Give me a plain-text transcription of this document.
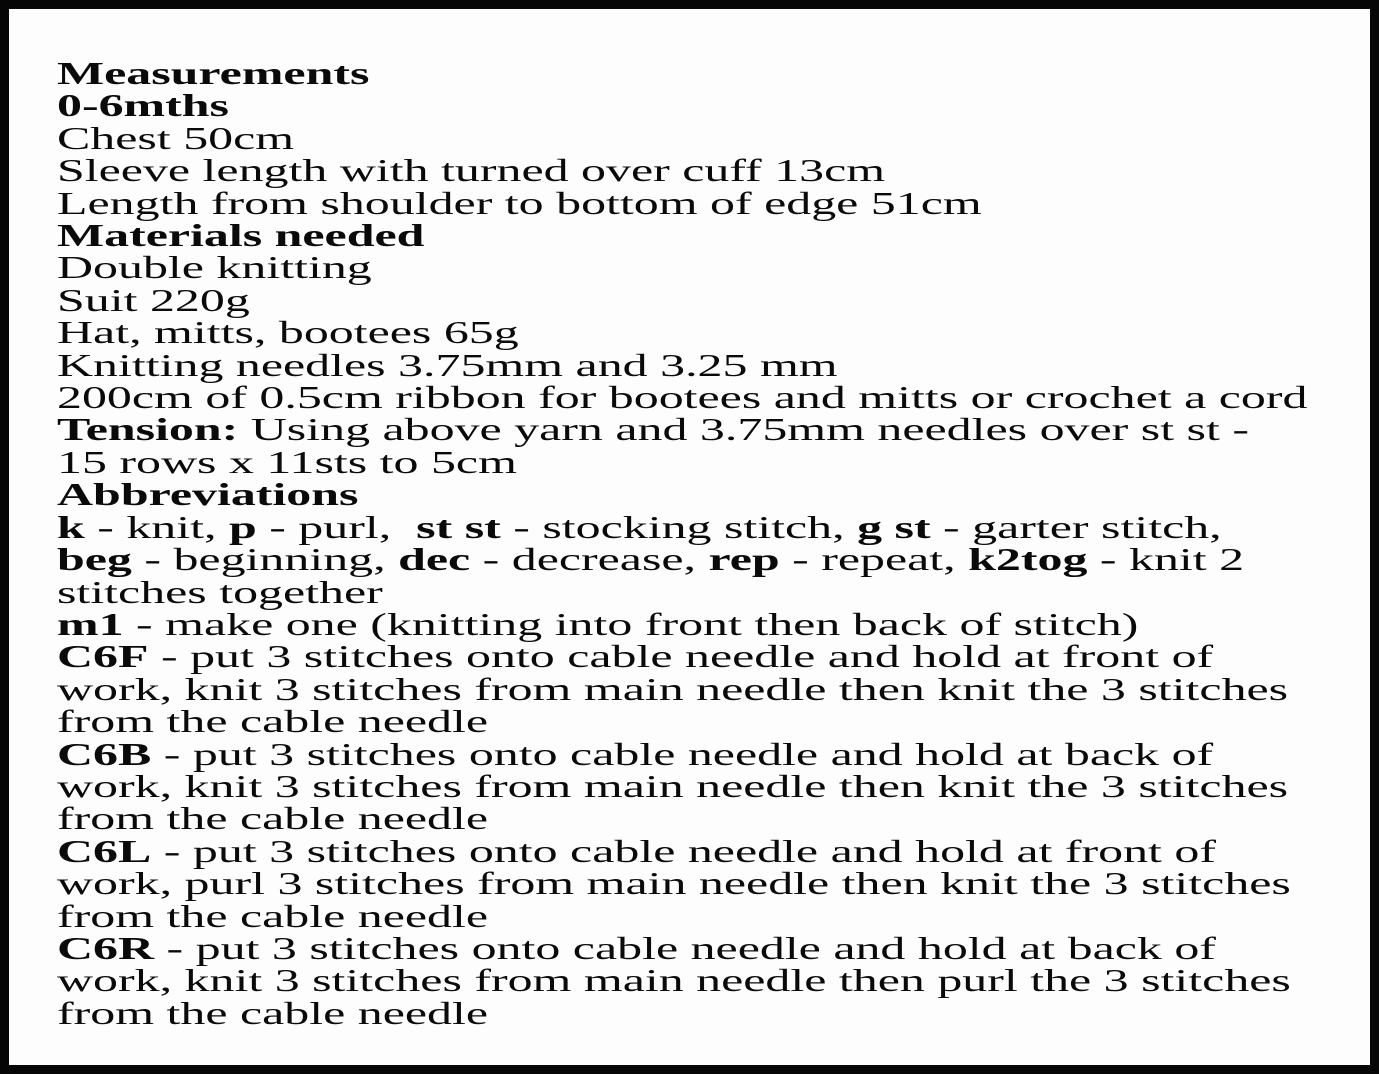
Measurements
0-6mths
Chest 50cm
Sleeve length with turned over cuff 13cm
Length from shoulder to bottom of edge 51cm
Materials needed
Double knitting
Suit 220g
Hat, mitts, bootees 65g
Knitting needles 3.75mm and 3.25 mm
200cm of 0.5cm ribbon for bootees and mitts or crochet a cord
Tension: Using above yarn and 3.75mm needles over st st -
15 rows x 11sts to 5cm
Abbreviations
k - knit, p - purl,  st st - stocking stitch, g st - garter stitch,
beg - beginning, dec - decrease, rep - repeat, k2tog - knit 2
stitches together
m1 - make one (knitting into front then back of stitch)
C6F - put 3 stitches onto cable needle and hold at front of
work, knit 3 stitches from main needle then knit the 3 stitches
from the cable needle
C6B - put 3 stitches onto cable needle and hold at back of
work, knit 3 stitches from main needle then knit the 3 stitches
from the cable needle
C6L - put 3 stitches onto cable needle and hold at front of
work, purl 3 stitches from main needle then knit the 3 stitches
from the cable needle
C6R - put 3 stitches onto cable needle and hold at back of
work, knit 3 stitches from main needle then purl the 3 stitches
from the cable needle
